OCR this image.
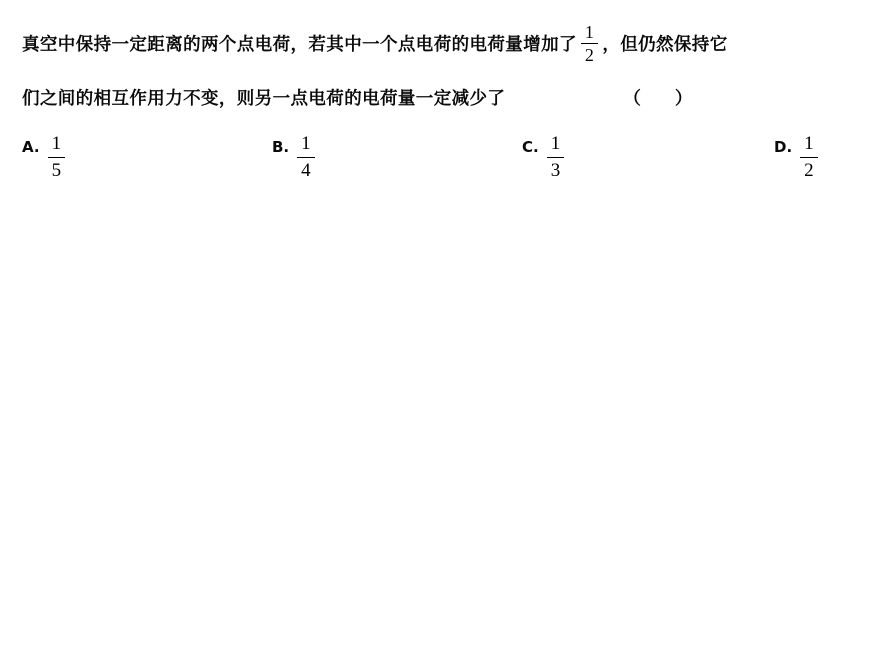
真空中保持一定距离的两个点电荷，若其中一个点电荷的电荷量增加了 $\frac{1}{2}$ ，但仍然保持它
们之间的相互作用力不变，则另一点电荷的电荷量一定减少了	（ ）
A. $\frac{1}{5}$	B. $\frac{1}{4}$	C. $\frac{1}{3}$	D. $\frac{1}{2}$
